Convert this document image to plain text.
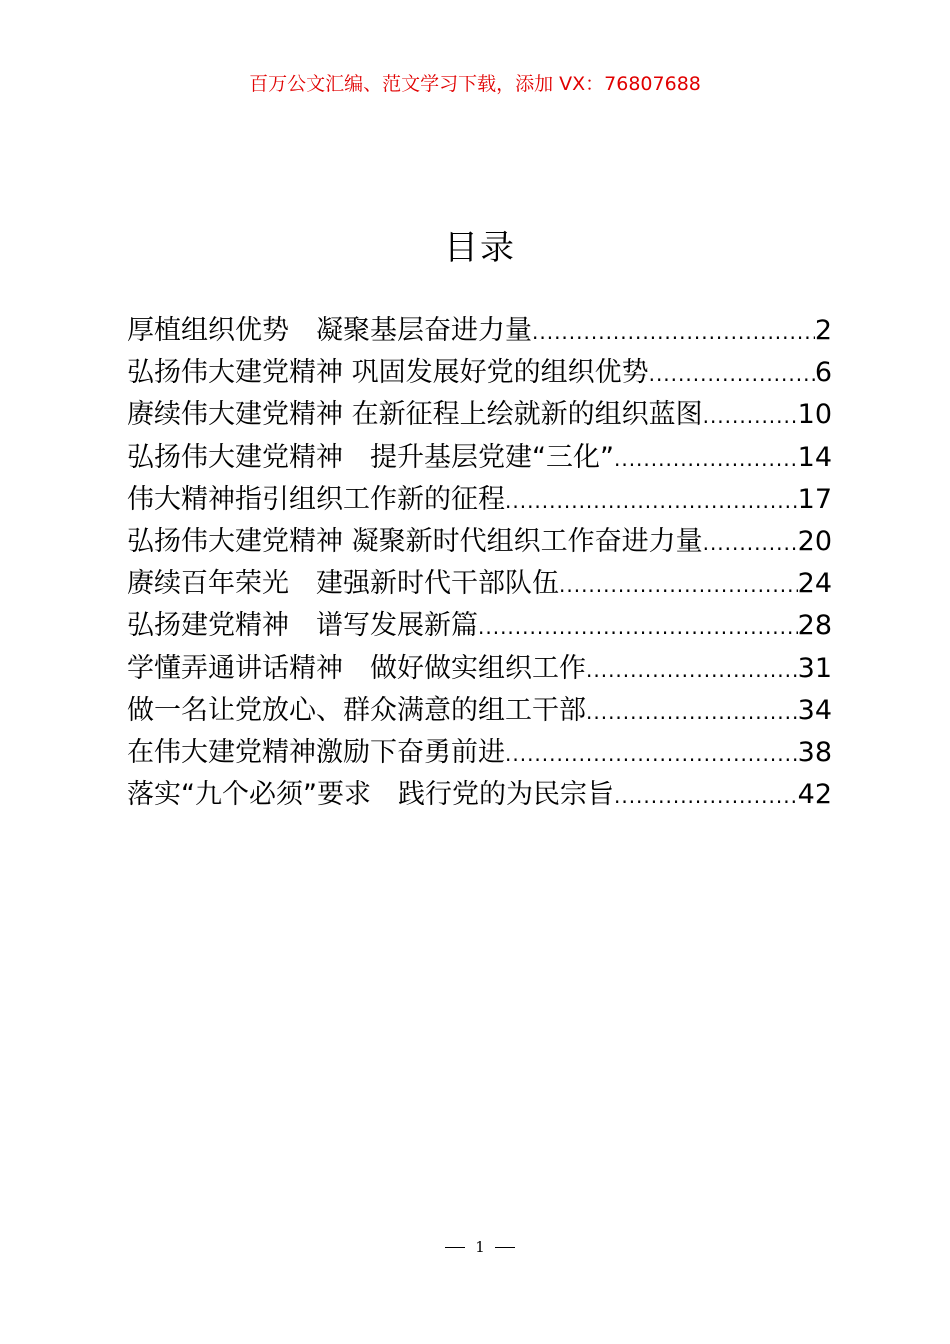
百万公文汇编、范文学习下载，添加 VX：76807688
目录
厚植组织优势　凝聚基层奋进力量 .....	2
弘扬伟大建党精神 巩固发展好党的组织优势 .....	6
赓续伟大建党精神 在新征程上绘就新的组织蓝图 .....	10
弘扬伟大建党精神　提升基层党建“三化” .....	14
伟大精神指引组织工作新的征程 .....	17
弘扬伟大建党精神 凝聚新时代组织工作奋进力量 .....	20
赓续百年荣光　建强新时代干部队伍 .....	24
弘扬建党精神　谱写发展新篇 .....	28
学懂弄通讲话精神　做好做实组织工作 .....	31
做一名让党放心、群众满意的组工干部 .....	34
在伟大建党精神激励下奋勇前进 .....	38
落实“九个必须”要求　践行党的为民宗旨 .....	42
1
